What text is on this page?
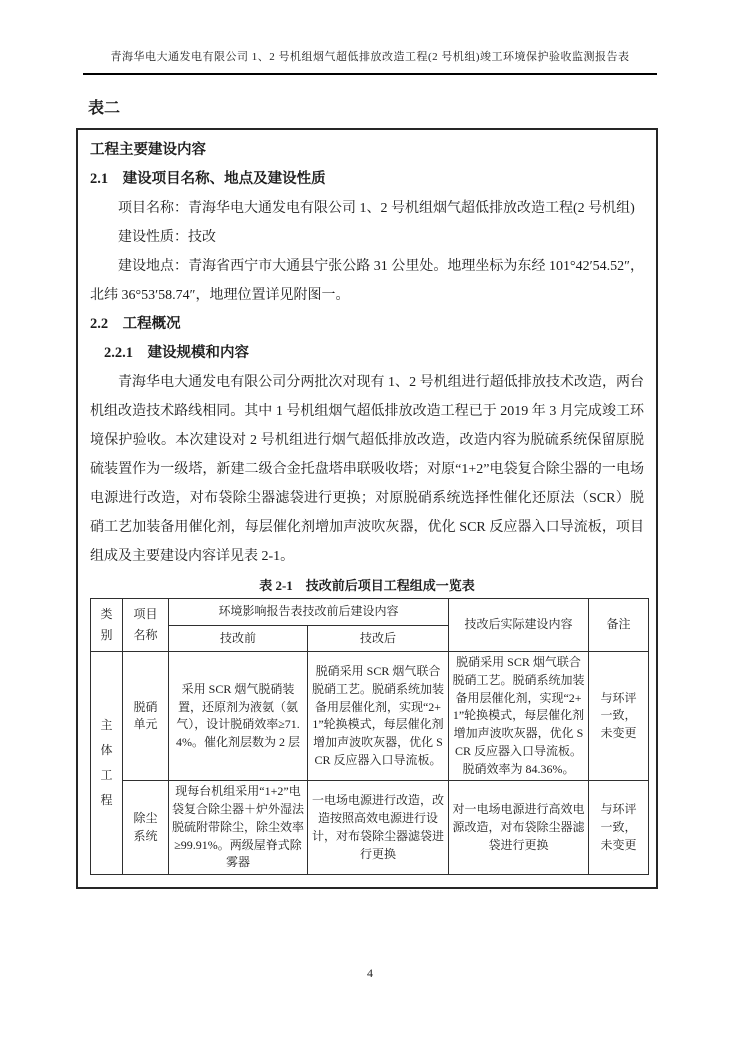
青海华电大通发电有限公司 1、2 号机组烟气超低排放改造工程(2 号机组)竣工环境保护验收监测报告表
表二
工程主要建设内容
2.1　建设项目名称、地点及建设性质

项目名称：青海华电大通发电有限公司 1、2 号机组烟气超低排放改造工程(2 号机组)

建设性质：技改

建设地点：青海省西宁市大通县宁张公路 31 公里处。地理坐标为东经 101°42′54.52″，北纬 36°53′58.74″，地理位置详见附图一。

2.2　工程概况
2.2.1　建设规模和内容

青海华电大通发电有限公司分两批次对现有 1、2 号机组进行超低排放技术改造，两台机组改造技术路线相同。其中 1 号机组烟气超低排放改造工程已于 2019 年 3 月完成竣工环境保护验收。本次建设对 2 号机组进行烟气超低排放改造，改造内容为脱硫系统保留原脱硫装置作为一级塔，新建二级合金托盘塔串联吸收塔；对原“1+2”电袋复合除尘器的一电场电源进行改造，对布袋除尘器滤袋进行更换；对原脱硝系统选择性催化还原法（SCR）脱硝工艺加装备用催化剂，每层催化剂增加声波吹灰器，优化 SCR 反应器入口导流板，项目组成及主要建设内容详见表 2-1。

表 2-1　技改前后项目工程组成一览表
类别	项目名称	环境影响报告表技改前后建设内容		技改后实际建设内容	备注
		技改前	技改后		
主体工程	脱硝单元	采用 SCR 烟气脱硝装置，还原剂为液氨（氨气），设计脱硝效率≥71.4%。催化剂层数为 2 层	脱硝采用 SCR 烟气联合脱硝工艺。脱硝系统加装备用层催化剂，实现“2+1”轮换模式，每层催化剂增加声波吹灰器，优化 SCR 反应器入口导流板。	脱硝采用 SCR 烟气联合脱硝工艺。脱硝系统加装备用层催化剂，实现“2+1”轮换模式，每层催化剂增加声波吹灰器，优化 SCR 反应器入口导流板。脱硝效率为 84.36%。	与环评一致，未变更
	除尘系统	现每台机组采用“1+2”电袋复合除尘器＋炉外湿法脱硫附带除尘，除尘效率≥99.91%。两级屋脊式除雾器	一电场电源进行改造，改造按照高效电源进行设计，对布袋除尘器滤袋进行更换	对一电场电源进行高效电源改造，对布袋除尘器滤袋进行更换	与环评一致，未变更
4
